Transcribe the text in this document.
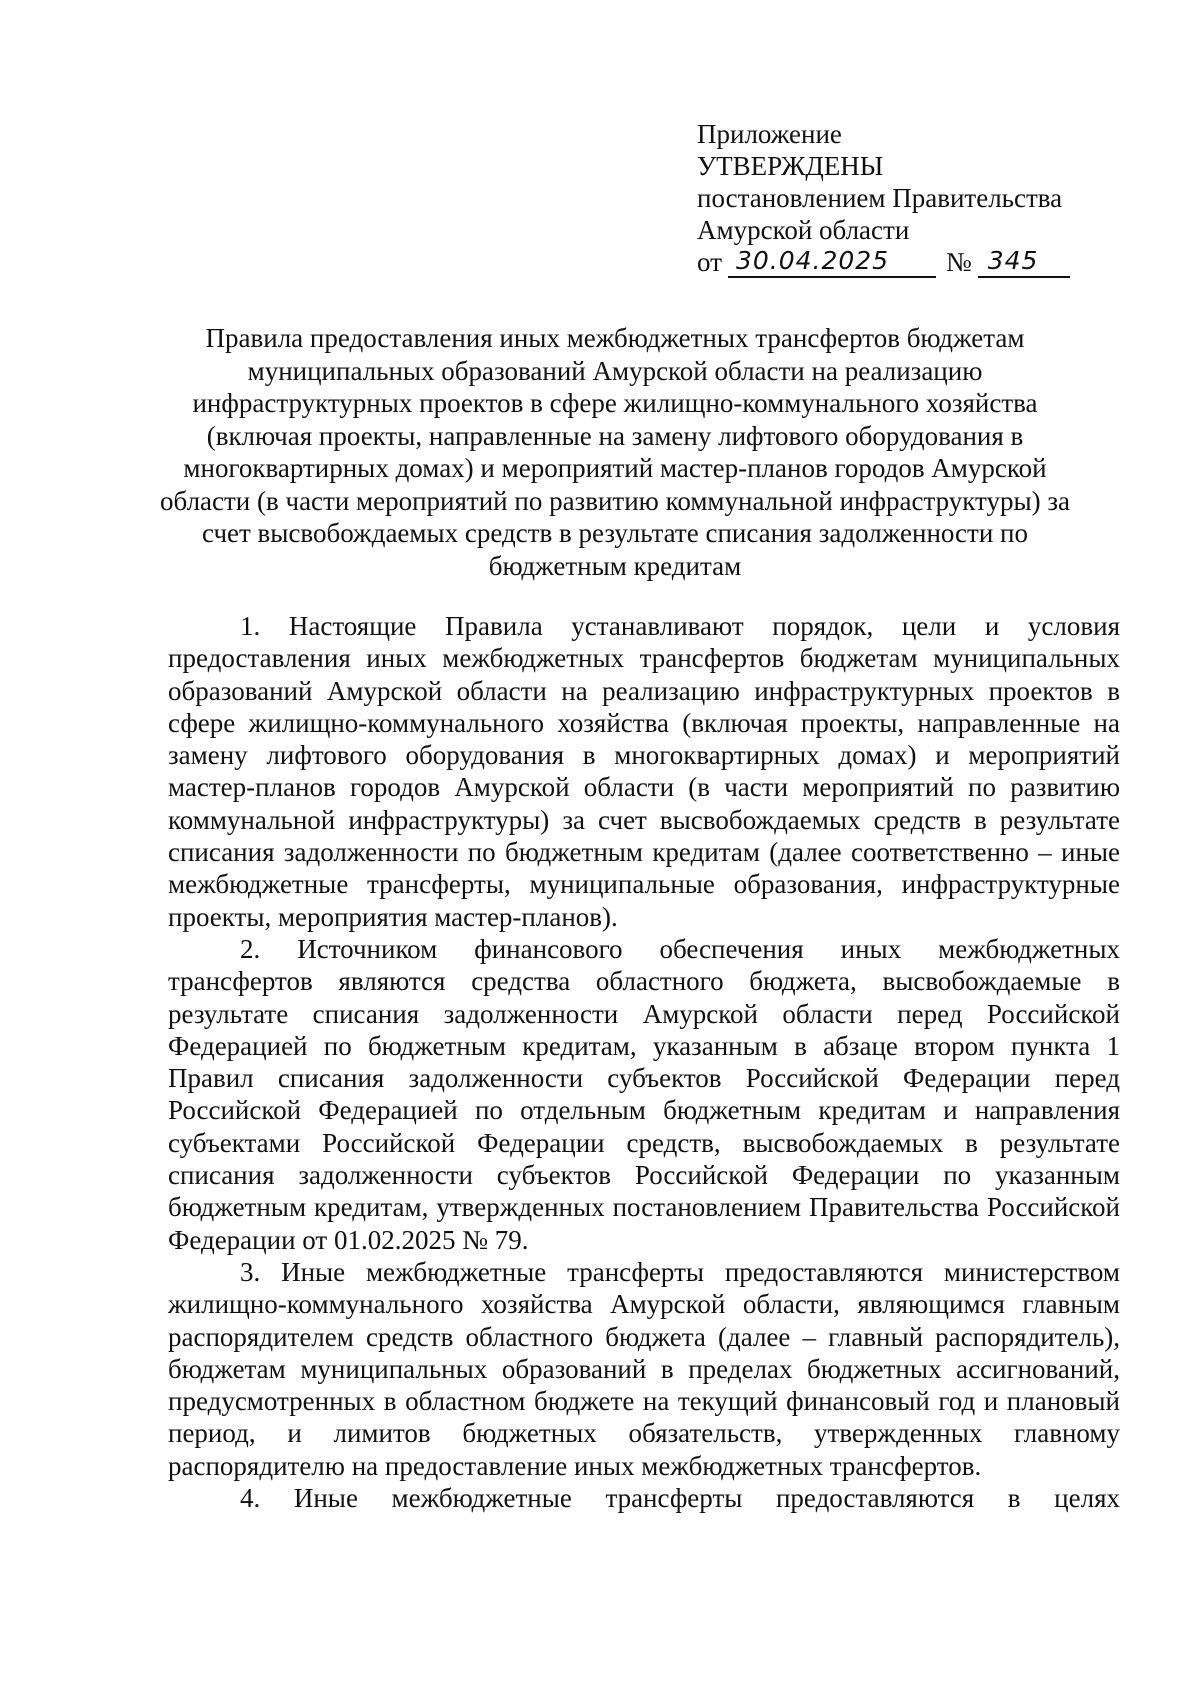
Приложение
УТВЕРЖДЕНЫ
постановлением Правительства
Амурской области
от 30.04.2025	№ 345
Правила предоставления иных межбюджетных трансфертов бюджетам муниципальных образований Амурской области на реализацию инфраструктурных проектов в сфере жилищно-коммунального хозяйства (включая проекты, направленные на замену лифтового оборудования в многоквартирных домах) и мероприятий мастер-планов городов Амурской области (в части мероприятий по развитию коммунальной инфраструктуры) за счет высвобождаемых средств в результате списания задолженности по бюджетным кредитам

1. Настоящие Правила устанавливают порядок, цели и условия предоставления иных межбюджетных трансфертов бюджетам муниципальных образований Амурской области на реализацию инфраструктурных проектов в сфере жилищно-коммунального хозяйства (включая проекты, направленные на замену лифтового оборудования в многоквартирных домах) и мероприятий мастер-планов городов Амурской области (в части мероприятий по развитию коммунальной инфраструктуры) за счет высвобождаемых средств в результате списания задолженности по бюджетным кредитам (далее соответственно – иные межбюджетные трансферты, муниципальные образования, инфраструктурные проекты, мероприятия мастер-планов).

2. Источником финансового обеспечения иных межбюджетных трансфертов являются средства областного бюджета, высвобождаемые в результате списания задолженности Амурской области перед Российской Федерацией по бюджетным кредитам, указанным в абзаце втором пункта 1 Правил списания задолженности субъектов Российской Федерации перед Российской Федерацией по отдельным бюджетным кредитам и направления субъектами Российской Федерации средств, высвобождаемых в результате списания задолженности субъектов Российской Федерации по указанным бюджетным кредитам, утвержденных постановлением Правительства Российской Федерации от 01.02.2025 № 79.

3. Иные межбюджетные трансферты предоставляются министерством жилищно-коммунального хозяйства Амурской области, являющимся главным распорядителем средств областного бюджета (далее – главный распорядитель), бюджетам муниципальных образований в пределах бюджетных ассигнований, предусмотренных в областном бюджете на текущий финансовый год и плановый период, и лимитов бюджетных обязательств, утвержденных главному распорядителю на предоставление иных межбюджетных трансфертов.

4. Иные межбюджетные трансферты предоставляются в целях
